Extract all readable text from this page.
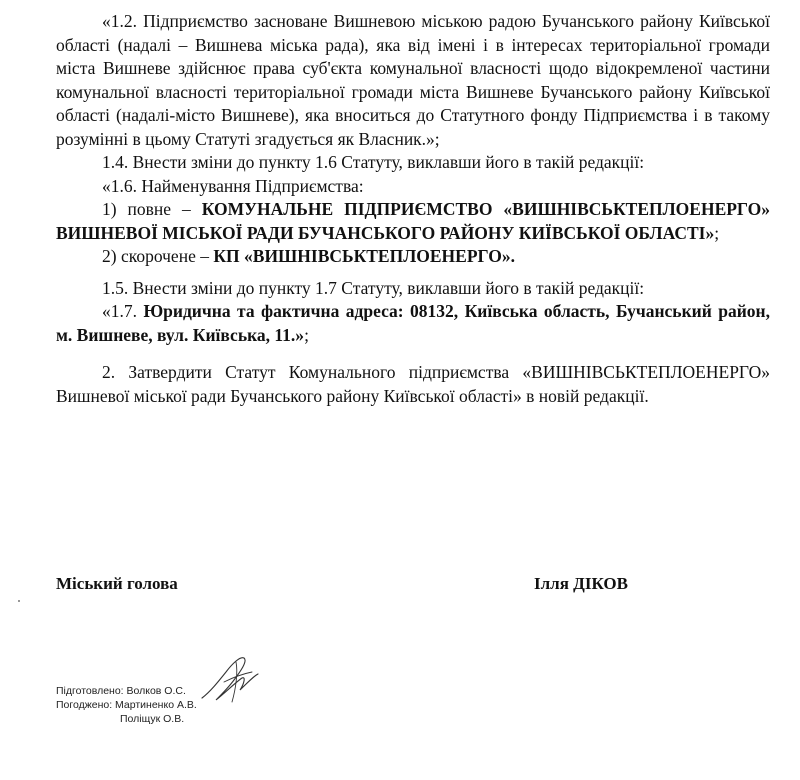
«1.2. Підприємство засноване Вишневою міською радою Бучанського району Київської області (надалі – Вишнева міська рада), яка від імені і в інтересах територіальної громади міста Вишневе здійснює права суб'єкта комунальної власності щодо відокремленої частини комунальної власності територіальної громади міста Вишневе Бучанського району Київської області (надалі-місто Вишневе), яка вноситься до Статутного фонду Підприємства і в такому розумінні в цьому Статуті згадується як Власник.»;

1.4. Внести зміни до пункту 1.6 Статуту, виклавши його в такій редакції:

«1.6. Найменування Підприємства:

1) повне – КОМУНАЛЬНЕ ПІДПРИЄМСТВО «ВИШНІВСЬКТЕПЛОЕНЕРГО» ВИШНЕВОЇ МІСЬКОЇ РАДИ БУЧАНСЬКОГО РАЙОНУ КИЇВСЬКОЇ ОБЛАСТІ»;

2) скорочене – КП «ВИШНІВСЬКТЕПЛОЕНЕРГО».

1.5. Внести зміни до пункту 1.7 Статуту, виклавши його в такій редакції:

«1.7. Юридична та фактична адреса: 08132, Київська область, Бучанський район, м. Вишневе, вул. Київська, 11.»;

2. Затвердити Статут Комунального підприємства «ВИШНІВСЬКТЕПЛОЕНЕРГО» Вишневої міської ради Бучанського району Київської області» в новій редакції.

Міський голова	Ілля ДІКОВ
Підготовлено: Волков О.С.
Погоджено: Мартиненко А.В.
Поліщук О.В.
